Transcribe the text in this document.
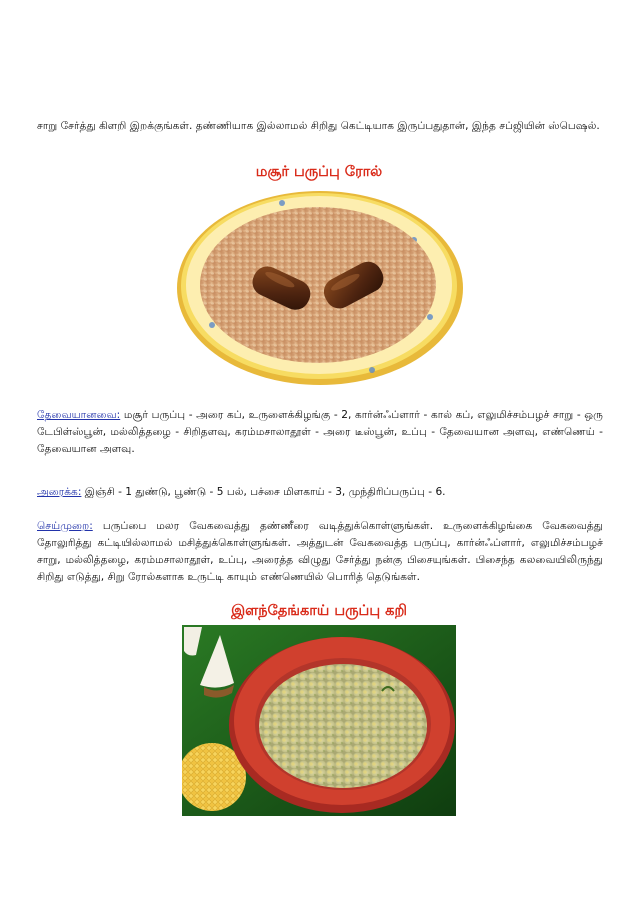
சாறு சேர்த்து கிளறி இறக்குங்கள். தண்ணியாக இல்லாமல் சிறிது கெட்டியாக இருப்பதுதான், இந்த சப்ஜியின் ஸ்பெஷல்.

மசூர் பருப்பு ரோல்

தேவையானவை: மசூர் பருப்பு - அரை கப், உருளைக்கிழங்கு - 2, கார்ன்ஃப்ளார் - கால் கப், எலுமிச்சம்பழச் சாறு - ஒரு டேபிள்ஸ்பூன், மல்லித்தழை - சிறிதளவு, கரம்மசாலாதூள் - அரை டீஸ்பூன், உப்பு - தேவையான அளவு, எண்ணெய் - தேவையான அளவு.

அரைக்க: இஞ்சி - 1 துண்டு, பூண்டு - 5 பல், பச்சை மிளகாய் - 3, முந்திரிப்பருப்பு - 6.

செய்முறை: பருப்பை மலர வேகவைத்து தண்ணீரை வடித்துக்கொள்ளுங்கள். உருளைக்கிழங்கை வேகவைத்து தோலுரித்து கட்டியில்லாமல் மசித்துக்கொள்ளுங்கள். அத்துடன் வேகவைத்த பருப்பு, கார்ன்ஃப்ளார், எலுமிச்சம்பழச் சாறு, மல்லித்தழை, கரம்மசாலாதூள், உப்பு, அரைத்த விழுது சேர்த்து நன்கு பிசையுங்கள். பிசைந்த கலவையிலிருந்து சிறிது எடுத்து, சிறு ரோல்களாக உருட்டி காயும் எண்ணெயில் பொரித் தெடுங்கள்.

இளந்தேங்காய் பருப்பு கறி
